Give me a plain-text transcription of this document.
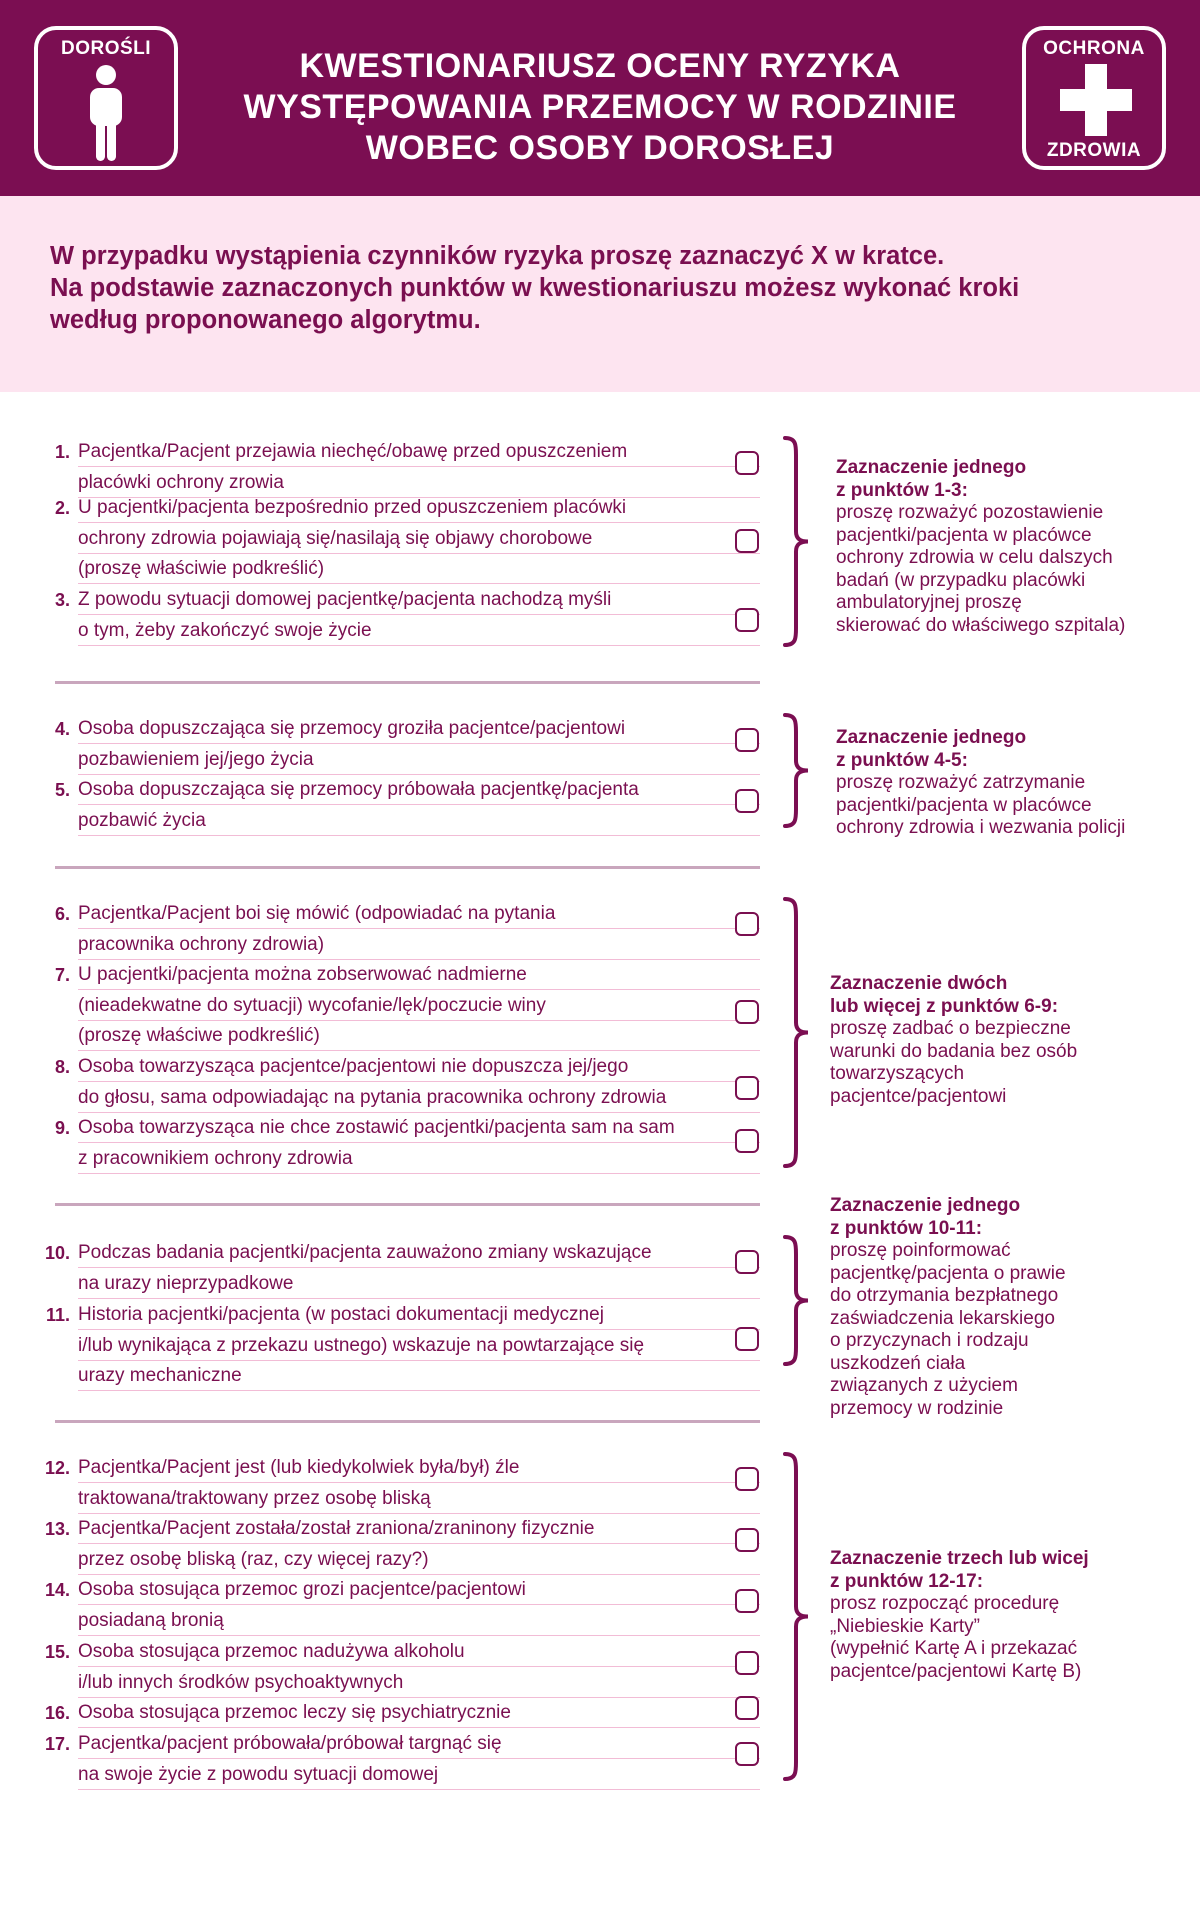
DOROŚLI	KWESTIONARIUSZ OCENY RYZYKA
WYSTĘPOWANIA PRZEMOCY W RODZINIE
WOBEC OSOBY DOROSŁEJ
OCHRONA
ZDROWIA
W przypadku wystąpienia czynników ryzyka proszę zaznaczyć X w kratce.
Na podstawie zaznaczonych punktów w kwestionariuszu możesz wykonać kroki
według proponowanego algorytmu.
1. Pacjentka/Pacjent przejawia niechęć/obawę przed opuszczeniem
placówki ochrony zrowia
2. U pacjentki/pacjenta bezpośrednio przed opuszczeniem placówki
ochrony zdrowia pojawiają się/nasilają się objawy chorobowe
(proszę właściwie podkreślić)
3. Z powodu sytuacji domowej pacjentkę/pacjenta nachodzą myśli
o tym, żeby zakończyć swoje życie
4. Osoba dopuszczająca się przemocy groziła pacjentce/pacjentowi
pozbawieniem jej/jego życia
5. Osoba dopuszczająca się przemocy próbowała pacjentkę/pacjenta
pozbawić życia
6. Pacjentka/Pacjent boi się mówić (odpowiadać na pytania
pracownika ochrony zdrowia)
7. U pacjentki/pacjenta można zobserwować nadmierne
(nieadekwatne do sytuacji) wycofanie/lęk/poczucie winy
(proszę właściwe podkreślić)
8. Osoba towarzysząca pacjentce/pacjentowi nie dopuszcza jej/jego
do głosu, sama odpowiadając na pytania pracownika ochrony zdrowia
9. Osoba towarzysząca nie chce zostawić pacjentki/pacjenta sam na sam
z pracownikiem ochrony zdrowia
10. Podczas badania pacjentki/pacjenta zauważono zmiany wskazujące
na urazy nieprzypadkowe
11. Historia pacjentki/pacjenta (w postaci dokumentacji medycznej
i/lub wynikająca z przekazu ustnego) wskazuje na powtarzające się
urazy mechaniczne
12. Pacjentka/Pacjent jest (lub kiedykolwiek była/był) źle
traktowana/traktowany przez osobę bliską
13. Pacjentka/Pacjent została/został zraniona/zraninony fizycznie
przez osobę bliską (raz, czy więcej razy?)
14. Osoba stosująca przemoc grozi pacjentce/pacjentowi
posiadaną bronią
15. Osoba stosująca przemoc nadużywa alkoholu
i/lub innych środków psychoaktywnych
16. Osoba stosująca przemoc leczy się psychiatrycznie
17. Pacjentka/pacjent próbowała/próbował targnąć się
na swoje życie z powodu sytuacji domowej
Zaznaczenie jednego
z punktów 1-3:
proszę rozważyć pozostawienie
pacjentki/pacjenta w placówce
ochrony zdrowia w celu dalszych
badań (w przypadku placówki
ambulatoryjnej proszę
skierować do właściwego szpitala)
Zaznaczenie jednego
z punktów 4-5:
proszę rozważyć zatrzymanie
pacjentki/pacjenta w placówce
ochrony zdrowia i wezwania policji
Zaznaczenie dwóch
lub więcej z punktów 6-9:
proszę zadbać o bezpieczne
warunki do badania bez osób
towarzyszących
pacjentce/pacjentowi
Zaznaczenie jednego
z punktów 10-11:
proszę poinformować
pacjentkę/pacjenta o prawie
do otrzymania bezpłatnego
zaświadczenia lekarskiego
o przyczynach i rodzaju
uszkodzeń ciała
związanych z użyciem
przemocy w rodzinie
Zaznaczenie trzech lub wicej
z punktów 12-17:
prosz rozpocząć procedurę
„Niebieskie Karty”
(wypełnić Kartę A i przekazać
pacjentce/pacjentowi Kartę B)
